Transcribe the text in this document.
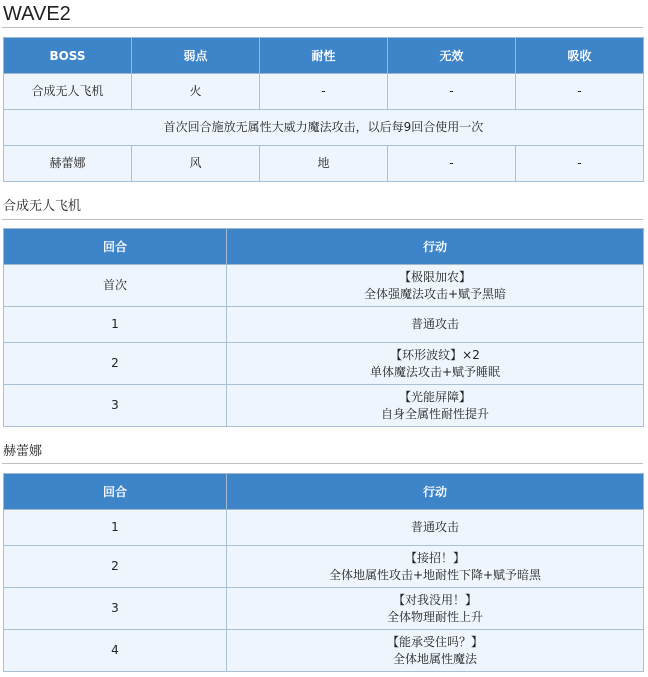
WAVE2
BOSS	弱点	耐性	无效	吸收
合成无人飞机	火	-	-	-
首次回合施放无属性大威力魔法攻击，以后每9回合使用一次				
赫蕾娜	风	地	-	-
合成无人飞机
回合	行动
首次	【极限加农】
全体强魔法攻击+赋予黑暗

1	普通攻击

2	【环形波纹】×2
单体魔法攻击+赋予睡眠

3	【光能屏障】
自身全属性耐性提升
赫蕾娜
回合	行动
1	普通攻击

2	【接招！】
全体地属性攻击+地耐性下降+赋予暗黑

3	【对我没用！】
全体物理耐性上升

4	【能承受住吗？】
全体地属性魔法
